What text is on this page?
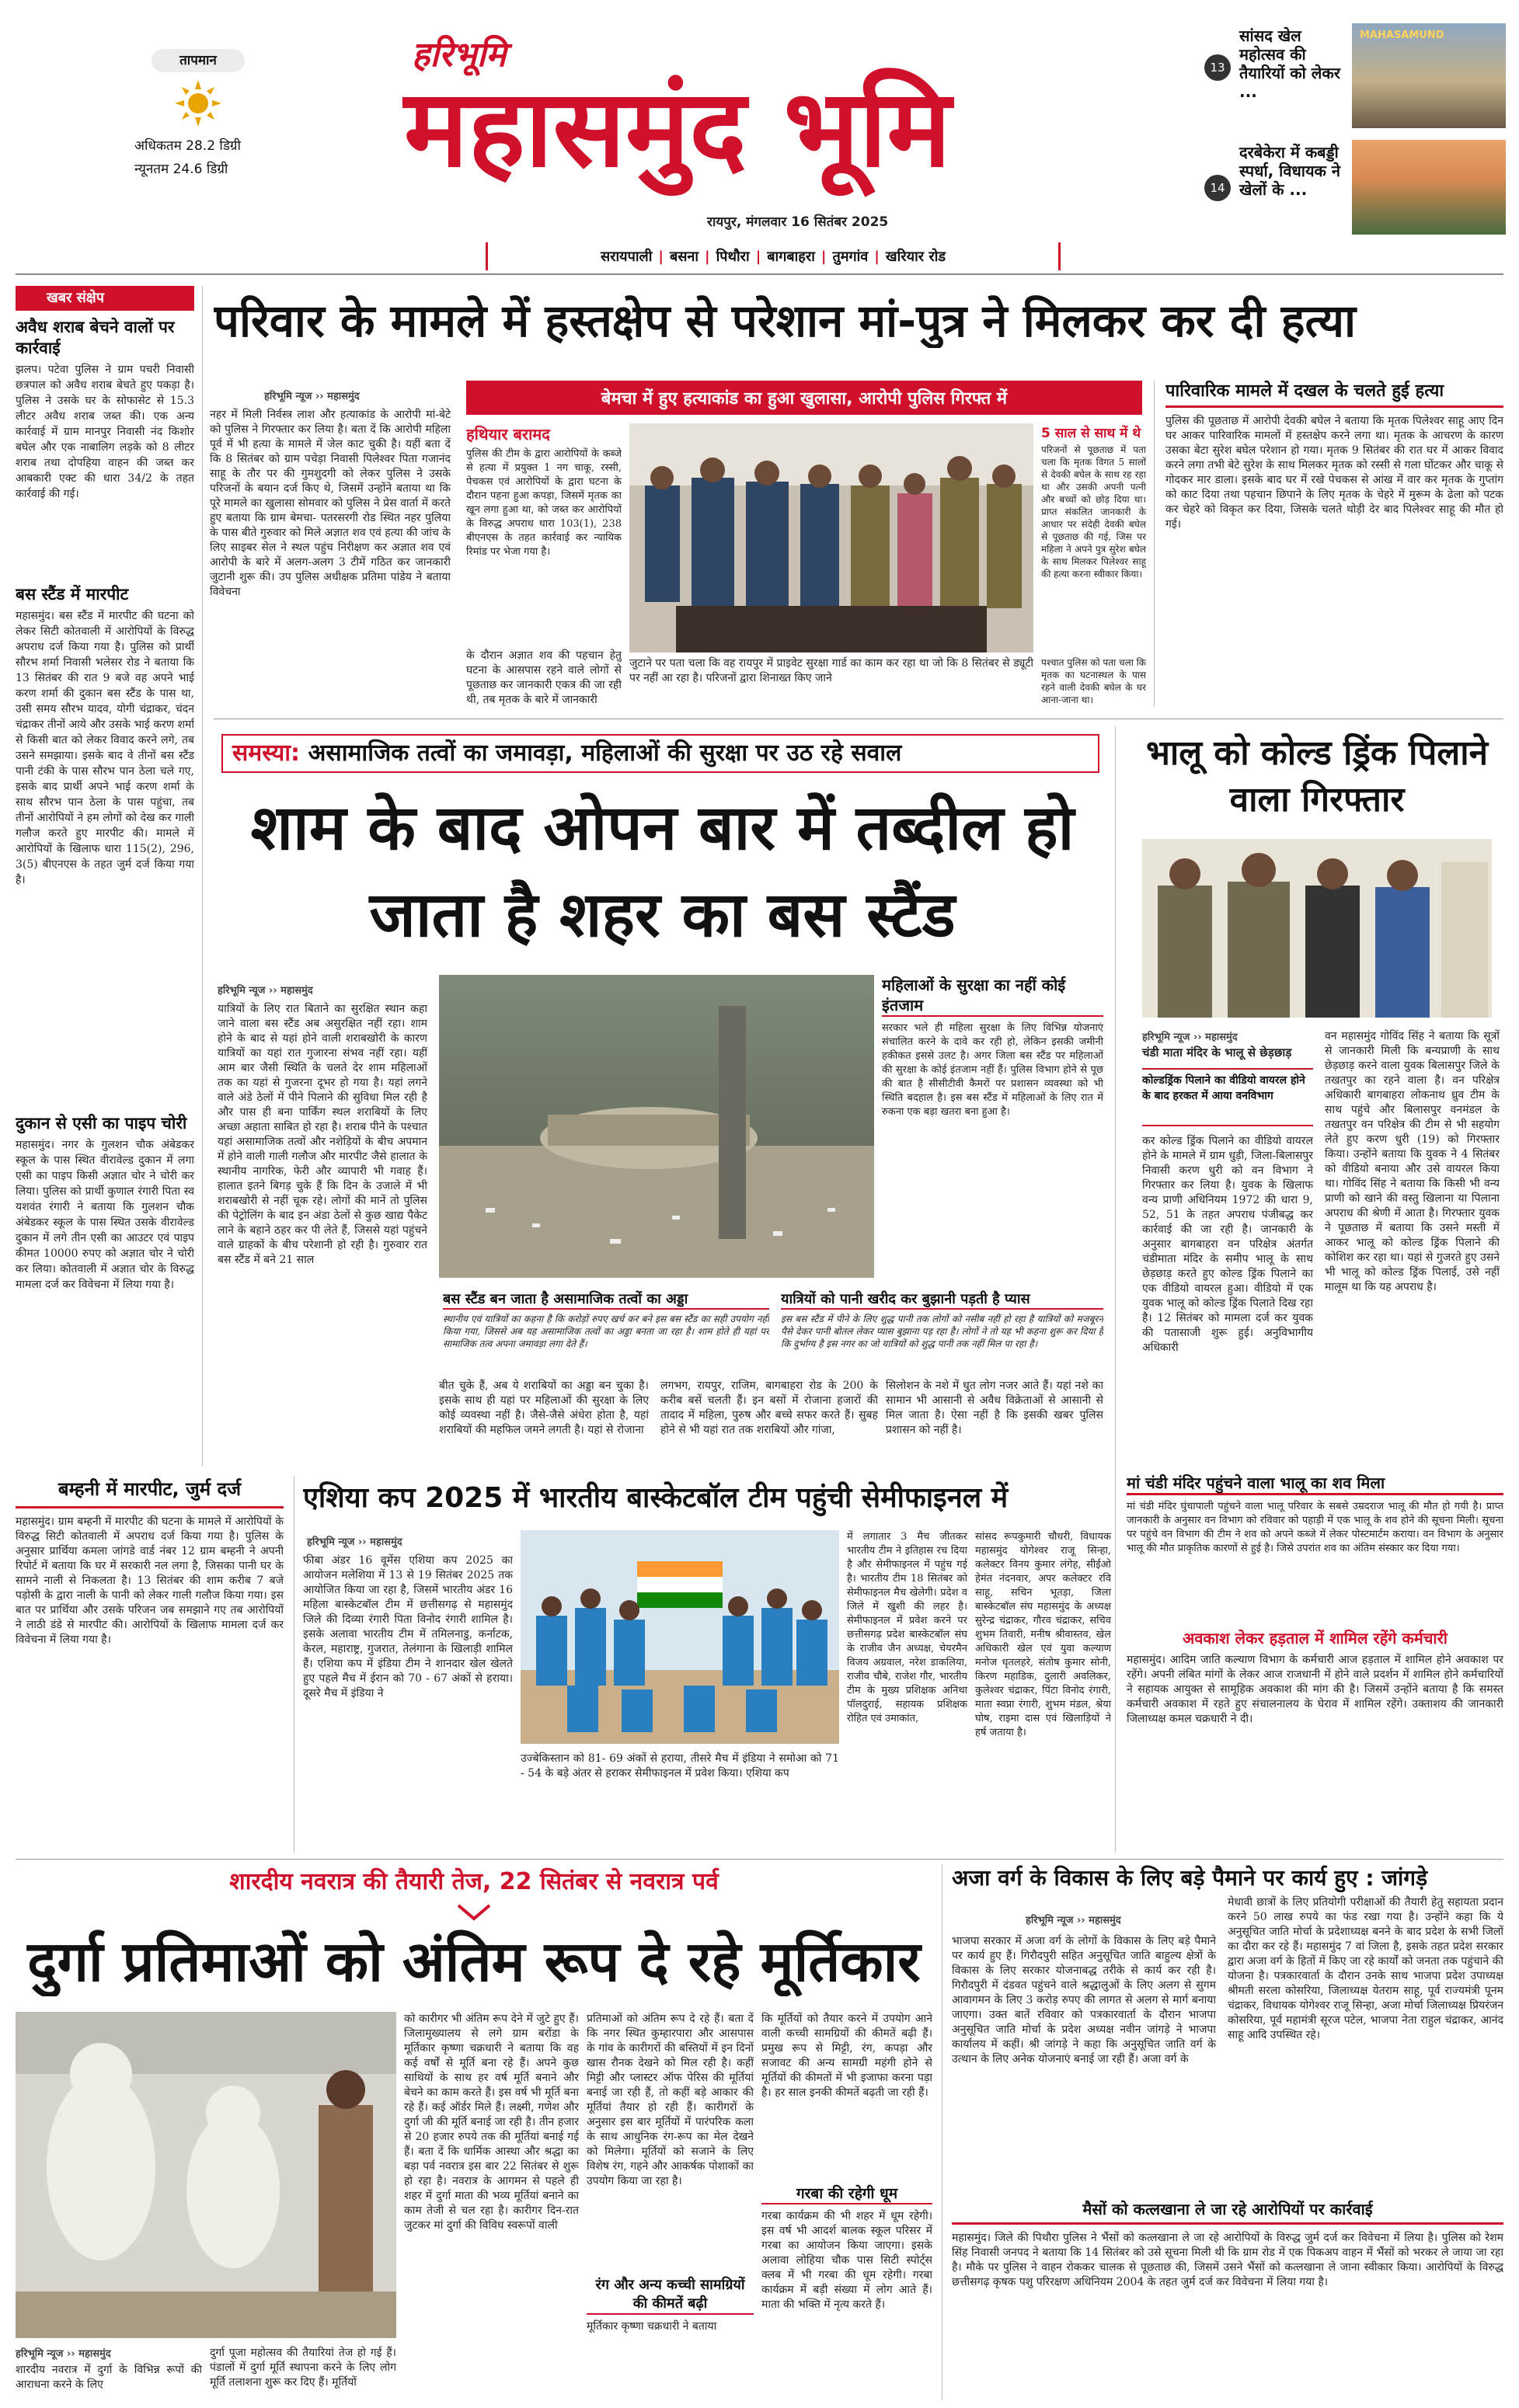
तापमान
अधिकतम 28.2 डिग्री
न्यूनतम 24.6 डिग्री
हरिभूमि
महासमुंद भूमि
रायपुर, मंगलवार 16 सितंबर 2025
सरायपाली | बसना | पिथौरा | बागबाहरा | तुमगांव | खरियार रोड
13
सांसद खेल महोत्सव की तैयारियों को लेकर ...
MAHASAMUND
14
दरबेकेरा में कबड्डी स्पर्धा, विधायक ने खेलों के ...
खबर संक्षेप
अवैध शराब बेचने वालों पर कार्रवाई
झलप। पटेवा पुलिस ने ग्राम पचरी निवासी छत्रपाल को अवैध शराब बेचते हुए पकड़ा है। पुलिस ने उसके घर के सोफासेट से 15.3 लीटर अवैध शराब जब्त की। एक अन्य कार्रवाई में ग्राम मानपुर निवासी नंद किशोर बघेल और एक नाबालिग लड़के को 8 लीटर शराब तथा दोपहिया वाहन की जब्त कर आबकारी एक्ट की धारा 34/2 के तहत कार्रवाई की गई।
बस स्टैंड में मारपीट
महासमुंद। बस स्टैंड में मारपीट की घटना को लेकर सिटी कोतवाली में आरोपियों के विरुद्ध अपराध दर्ज किया गया है। पुलिस को प्रार्थी सौरभ शर्मा निवासी भलेसर रोड ने बताया कि 13 सितंबर की रात 9 बजे वह अपने भाई करण शर्मा की दुकान बस स्टैंड के पास था, उसी समय सौरभ यादव, योगी चंद्राकर, चंदन चंद्राकर तीनों आये और उसके भाई करण शर्मा से किसी बात को लेकर विवाद करने लगे, तब उसने समझाया। इसके बाद वे तीनों बस स्टैंड पानी टंकी के पास सौरभ पान ठेला चले गए, इसके बाद प्रार्थी अपने भाई करण शर्मा के साथ सौरभ पान ठेला के पास पहुंचा, तब तीनों आरोपियों ने हम लोगों को देख कर गाली गलौज करते हुए मारपीट की। मामले में आरोपियों के खिलाफ धारा 115(2), 296, 3(5) बीएनएस के तहत जुर्म दर्ज किया गया है।
दुकान से एसी का पाइप चोरी
महासमुंद। नगर के गुलशन चौक अंबेडकर स्कूल के पास स्थित वीरावेल्ड दुकान में लगा एसी का पाइप किसी अज्ञात चोर ने चोरी कर लिया। पुलिस को प्रार्थी कुणाल रंगारी पिता स्व यशवंत रंगारी ने बताया कि गुलशन चौक अंबेडकर स्कूल के पास स्थित उसके वीरावेल्ड दुकान में लगे तीन एसी का आउटर एवं पाइप कीमत 10000 रुपए को अज्ञात चोर ने चोरी कर लिया। कोतवाली में अज्ञात चोर के विरुद्ध मामला दर्ज कर विवेचना में लिया गया है।
परिवार के मामले में हस्तक्षेप से परेशान मां-पुत्र ने मिलकर कर दी हत्या
हरिभूमि न्यूज ›› महासमुंद
नहर में मिली निर्वस्त्र लाश और हत्याकांड के आरोपी मां-बेटे को पुलिस ने गिरफ्तार कर लिया है। बता दें कि आरोपी महिला पूर्व में भी हत्या के मामले में जेल काट चुकी है। यहीं बता दें कि 8 सितंबर को ग्राम पचेड़ा निवासी पिलेश्वर पिता गजानंद साहू के तौर पर की गुमशुदगी को लेकर पुलिस ने उसके परिजनों के बयान दर्ज किए थे, जिसमें उन्होंने बताया था कि पूरे मामले का खुलासा सोमवार को पुलिस ने प्रेस वार्ता में करते हुए बताया कि ग्राम बेमचा- पतरसरगी रोड स्थित नहर पुलिया के पास बीते गुरुवार को मिले अज्ञात शव एवं हत्या की जांच के लिए साइबर सेल ने स्थल पहुंच निरीक्षण कर अज्ञात शव एवं आरोपी के बारे में अलग-अलग 3 टीमें गठित कर जानकारी जुटानी शुरू की। उप पुलिस अधीक्षक प्रतिमा पांडेय ने बताया विवेचना
बेमचा में हुए हत्याकांड का हुआ खुलासा, आरोपी पुलिस गिरफ्त में
हथियार बरामद
पुलिस की टीम के द्वारा आरोपियों के कब्जे से हत्या में प्रयुक्त 1 नग चाकू, रस्सी, पेचकस एवं आरोपियों के द्वारा घटना के दौरान पहना हुआ कपड़ा, जिसमें मृतक का खून लगा हुआ था, को जब्त कर आरोपियों के विरुद्ध अपराध धारा 103(1), 238 बीएनएस के तहत कार्रवाई कर न्यायिक रिमांड पर भेजा गया है।
5 साल से साथ में थे
परिजनों से पूछताछ में पता चला कि मृतक विगत 5 सालों से देवकी बघेल के साथ रह रहा था और उसकी अपनी पत्नी और बच्चों को छोड़ दिया था। प्राप्त संकलित जानकारी के आधार पर संदेही देवकी बघेल से पूछताछ की गई, जिस पर महिला ने अपने पुत्र सुरेश बघेल के साथ मिलकर पिलेश्वर साहू की हत्या करना स्वीकार किया।
के दौरान अज्ञात शव की पहचान हेतु घटना के आसपास रहने वाले लोगों से पूछताछ कर जानकारी एकत्र की जा रही थी, तब मृतक के बारे में जानकारी
जुटाने पर पता चला कि वह रायपुर में प्राइवेट सुरक्षा गार्ड का काम कर रहा था जो कि 8 सितंबर से ड्यूटी पर नहीं आ रहा है। परिजनों द्वारा शिनाख्त किए जाने
पश्चात पुलिस को पता चला कि मृतक का घटनास्थल के पास रहने वाली देवकी बघेल के घर आना-जाना था।
पारिवारिक मामले में दखल के चलते हुई हत्या
पुलिस की पूछताछ में आरोपी देवकी बघेल ने बताया कि मृतक पिलेश्वर साहू आए दिन घर आकर पारिवारिक मामलों में हस्तक्षेप करने लगा था। मृतक के आचरण के कारण उसका बेटा सुरेश बघेल परेशान हो गया। मृतक 9 सितंबर की रात घर में आकर विवाद करने लगा तभी बेटे सुरेश के साथ मिलकर मृतक को रस्सी से गला घोंटकर और चाकू से गोदकर मार डाला। इसके बाद घर में रखे पेचकस से आंख में वार कर मृतक के गुप्तांग को काट दिया तथा पहचान छिपाने के लिए मृतक के चेहरे में मुरूम के ढेला को पटक कर चेहरे को विकृत कर दिया, जिसके चलते थोड़ी देर बाद पिलेश्वर साहू की मौत हो गई।
समस्या: असामाजिक तत्वों का जमावड़ा, महिलाओं की सुरक्षा पर उठ रहे सवाल
शाम के बाद ओपन बार में तब्दील हो जाता है शहर का बस स्टैंड
हरिभूमि न्यूज ›› महासमुंद
यात्रियों के लिए रात बिताने का सुरक्षित स्थान कहा जाने वाला बस स्टैंड अब असुरक्षित नहीं रहा। शाम होने के बाद से यहां होने वाली शराबखोरी के कारण यात्रियों का यहां रात गुजारना संभव नहीं रहा। यहीं आम बार जैसी स्थिति के चलते देर शाम महिलाओं तक का यहां से गुजरना दूभर हो गया है। यहां लगने वाले अंडे ठेलों में पीने पिलाने की सुविधा मिल रही है और पास ही बना पार्किंग स्थल शराबियों के लिए अच्छा अहाता साबित हो रहा है। शराब पीने के पश्चात यहां असामाजिक तत्वों और नशेड़ियों के बीच अपमान में होने वाली गाली गलौज और मारपीट जैसे हालात के स्थानीय नागरिक, फेरी और व्यापारी भी गवाह हैं। हालात इतने बिगड़ चुके हैं कि दिन के उजाले में भी शराबखोरी से नहीं चूक रहे। लोगों की मानें तो पुलिस की पेट्रोलिंग के बाद इन अंडा ठेलों से कुछ खाद्य पैकेट लाने के बहाने ठहर कर पी लेते हैं, जिससे यहां पहुंचने वाले ग्राहकों के बीच परेशानी हो रही है। गुरुवार रात बस स्टैंड में बने 21 साल
महिलाओं के सुरक्षा का नहीं कोई इंतजाम
सरकार भले ही महिला सुरक्षा के लिए विभिन्न योजनाएं संचालित करने के दावे कर रही हो, लेकिन इसकी जमीनी हकीकत इससे उलट है। अगर जिला बस स्टैंड पर महिलाओं की सुरक्षा के कोई इंतजाम नहीं हैं। पुलिस विभाग होने से पूछ की बात है सीसीटीवी कैमरों पर प्रशासन व्यवस्था को भी स्थिति बदहाल है। इस बस स्टैंड में महिलाओं के लिए रात में रुकना एक बड़ा खतरा बना हुआ है।
बस स्टैंड बन जाता है असामाजिक तत्वों का अड्डा
स्थानीय एवं यात्रियों का कहना है कि करोड़ों रुपए खर्च कर बने इस बस स्टैंड का सही उपयोग नहीं किया गया, जिससे अब यह असामाजिक तत्वों का अड्डा बनता जा रहा है। शाम होते ही यहां पर सामाजिक तत्व अपना जमावड़ा लगा देते हैं।
यात्रियों को पानी खरीद कर बुझानी पड़ती है प्यास
इस बस स्टैंड में पीने के लिए शुद्ध पानी तक लोगों को नसीब नहीं हो रहा है यात्रियों को मजबूरन पैसे देकर पानी बोतल लेकर प्यास बुझाना पड़ रहा है। लोगों ने तो यह भी कहना शुरू कर दिया है कि दुर्भाग्य है इस नगर का जो यात्रियों को शुद्ध पानी तक नहीं मिल पा रहा है।
बीत चुके हैं, अब ये शराबियों का अड्डा बन चुका है। इसके साथ ही यहां पर महिलाओं की सुरक्षा के लिए कोई व्यवस्था नहीं है। जैसे-जैसे अंधेरा होता है, यहां शराबियों की महफिल जमने लगती है। यहां से रोजाना
लगभग, रायपुर, राजिम, बागबाहरा रोड के 200 के करीब बसें चलती हैं। इन बसों में रोजाना हजारों की तादाद में महिला, पुरुष और बच्चे सफर करते हैं। सुबह होने से भी यहां रात तक शराबियों और गांजा,
सिलोशन के नशे में धुत लोग नजर आते हैं। यहां नशे का सामान भी आसानी से अवैध विक्रेताओं से आसानी से मिल जाता है। ऐसा नहीं है कि इसकी खबर पुलिस प्रशासन को नहीं है।
भालू को कोल्ड ड्रिंक पिलाने वाला गिरफ्तार
हरिभूमि न्यूज ›› महासमुंद
चंडी माता मंदिर के भालू से छेड़छाड़
कोल्डड्रिंक पिलाने का वीडियो वायरल होने के बाद हरकत में आया वनविभाग
कर कोल्ड ड्रिंक पिलाने का वीडियो वायरल होने के मामले में ग्राम धुड़ी, जिला-बिलासपुर निवासी करण धुरी को वन विभाग ने गिरफ्तार कर लिया है। युवक के खिलाफ वन्य प्राणी अधिनियम 1972 की धारा 9, 52, 51 के तहत अपराध पंजीबद्ध कर कार्रवाई की जा रही है। जानकारी के अनुसार बागबाहरा वन परिक्षेत्र अंतर्गत चंडीमाता मंदिर के समीप भालू के साथ छेड़छाड़ करते हुए कोल्ड ड्रिंक पिलाने का एक वीडियो वायरल हुआ। वीडियो में एक युवक भालू को कोल्ड ड्रिंक पिलाते दिख रहा है। 12 सितंबर को मामला दर्ज कर युवक की पतासाजी शुरू हुई। अनुविभागीय अधिकारी
वन महासमुंद गोविंद सिंह ने बताया कि सूत्रों से जानकारी मिली कि बन्यप्राणी के साथ छेड़छाड़ करने वाला युवक बिलासपुर जिले के तखतपुर का रहने वाला है। वन परिक्षेत्र अधिकारी बागबाहरा लोकनाथ ध्रुव टीम के साथ पहुंचे और बिलासपुर वनमंडल के तखतपुर वन परिक्षेत्र की टीम से भी सहयोग लेते हुए करण धुरी (19) को गिरफ्तार किया। उन्होंने बताया कि युवक ने 4 सितंबर को वीडियो बनाया और उसे वायरल किया था। गोविंद सिंह ने बताया कि किसी भी वन्य प्राणी को खाने की वस्तु खिलाना या पिलाना अपराध की श्रेणी में आता है। गिरफ्तार युवक ने पूछताछ में बताया कि उसने मस्ती में आकर भालू को कोल्ड ड्रिंक पिलाने की कोशिश कर रहा था। यहां से गुजरते हुए उसने भी भालू को कोल्ड ड्रिंक पिलाई, उसे नहीं मालूम था कि यह अपराध है।
मां चंडी मंदिर पहुंचने वाला भालू का शव मिला
मां चंडी मंदिर घुंचापाली पहुंचने वाला भालू परिवार के सबसे उम्रदराज भालू की मौत हो गयी है। प्राप्त जानकारी के अनुसार वन विभाग को रविवार को पहाड़ी में एक भालू के शव होने की सूचना मिली। सूचना पर पहुंचे वन विभाग की टीम ने शव को अपने कब्जे में लेकर पोस्टमार्टम कराया। वन विभाग के अनुसार भालू की मौत प्राकृतिक कारणों से हुई है। जिसे उपरांत शव का अंतिम संस्कार कर दिया गया।
अवकाश लेकर हड़ताल में शामिल रहेंगे कर्मचारी
महासमुंद। आदिम जाति कल्याण विभाग के कर्मचारी आज हड़ताल में शामिल होने अवकाश पर रहेंगे। अपनी लंबित मांगों के लेकर आज राजधानी में होने वाले प्रदर्शन में शामिल होने कर्मचारियों ने सहायक आयुक्त से सामूहिक अवकाश की मांग की है। जिसमें उन्होंने बताया है कि समस्त कर्मचारी अवकाश में रहते हुए संचालनालय के घेराव में शामिल रहेंगे। उक्ताशय की जानकारी जिलाध्यक्ष कमल चक्रधारी ने दी।
बम्हनी में मारपीट, जुर्म दर्ज
महासमुंद। ग्राम बम्हनी में मारपीट की घटना के मामले में आरोपियों के विरुद्ध सिटी कोतवाली में अपराध दर्ज किया गया है। पुलिस के अनुसार प्रार्थिया कमला जांगडे वार्ड नंबर 12 ग्राम बम्हनी ने अपनी रिपोर्ट में बताया कि घर में सरकारी नल लगा है, जिसका पानी घर के सामने नाली से निकलता है। 13 सितंबर की शाम करीब 7 बजे पड़ोसी के द्वारा नाली के पानी को लेकर गाली गलौज किया गया। इस बात पर प्रार्थिया और उसके परिजन जब समझाने गए तब आरोपियों ने लाठी डंडे से मारपीट की। आरोपियों के खिलाफ मामला दर्ज कर विवेचना में लिया गया है।
एशिया कप 2025 में भारतीय बास्केटबॉल टीम पहुंची सेमीफाइनल में
हरिभूमि न्यूज ›› महासमुंद
फीबा अंडर 16 वूमेंस एशिया कप 2025 का आयोजन मलेशिया में 13 से 19 सितंबर 2025 तक आयोजित किया जा रहा है, जिसमें भारतीय अंडर 16 महिला बास्केटबॉल टीम में छत्तीसगढ़ से महासमुंद जिले की दिव्या रंगारी पिता विनोद रंगारी शामिल है। इसके अलावा भारतीय टीम में तमिलनाडु, कर्नाटक, केरल, महाराष्ट्र, गुजरात, तेलंगाना के खिलाड़ी शामिल हैं। एशिया कप में इंडिया टीम ने शानदार खेल खेलते हुए पहले मैच में ईरान को 70 - 67 अंकों से हराया। दूसरे मैच में इंडिया ने
उज्बेकिस्तान को 81- 69 अंकों से हराया, तीसरे मैच में इंडिया ने समोआ को 71 - 54 के बड़े अंतर से हराकर सेमीफाइनल में प्रवेश किया। एशिया कप
में लगातार 3 मैच जीतकर भारतीय टीम ने इतिहास रच दिया है और सेमीफाइनल में पहुंच गई है। भारतीय टीम 18 सितंबर को सेमीफाइनल मैच खेलेगी। प्रदेश व जिले में खुशी की लहर है। सेमीफाइनल में प्रवेश करने पर छत्तीसगढ़ प्रदेश बास्केटबॉल संघ के राजीव जैन अध्यक्ष, चेयरमैन विजय अग्रवाल, नरेश डाकलिया, राजीव चौबे, राजेश गौर, भारतीय टीम के मुख्य प्रशिक्षक अनिथा पॉलदुराई, सहायक प्रशिक्षक रोहित एवं उमाकांत,
सांसद रूपकुमारी चौधरी, विधायक महासमुंद योगेश्वर राजू सिन्हा, कलेक्टर विनय कुमार लंगेह, सीईओ हेमंत नंदनवार, अपर कलेक्टर रवि साहू, सचिन भूतड़ा, जिला बास्केटबॉल संघ महासमुंद के अध्यक्ष सुरेन्द्र चंद्राकर, गौरव चंद्राकर, सचिव शुभम तिवारी, मनीष श्रीवास्तव, खेल अधिकारी खेल एवं युवा कल्याण मनोज धृतलहरे, संतोष कुमार सोनी, किरण महाडिक, दुलारी अवलिकर, कुलेश्वर चंद्राकर, पिंटा विनोद रंगारी, माता स्वप्ना रंगारी, शुभम मंडल, श्रेया घोष, राइमा दास एवं खिलाड़ियों ने हर्ष जताया है।
शारदीय नवरात्र की तैयारी तेज, 22 सितंबर से नवरात्र पर्व
दुर्गा प्रतिमाओं को अंतिम रूप दे रहे मूर्तिकार
हरिभूमि न्यूज ›› महासमुंद
शारदीय नवरात्र में दुर्गा के विभिन्न रूपों की आराधना करने के लिए
दुर्गा पूजा महोत्सव की तैयारियां तेज हो गई हैं। पंडालों में दुर्गा मूर्ति स्थापना करने के लिए लोग मूर्ति तलाशना शुरू कर दिए हैं। मूर्तियों
को कारीगर भी अंतिम रूप देने में जुटे हुए हैं। जिलामुख्यालय से लगे ग्राम बरोंडा के मूर्तिकार कृष्णा चक्रधारी ने बताया कि वह कई वर्षों से मूर्ति बना रहे हैं। अपने कुछ साथियों के साथ हर वर्ष मूर्ति बनाने और बेचने का काम करते हैं। इस वर्ष भी मूर्ति बना रहे हैं। कई ऑर्डर मिले हैं। लक्ष्मी, गणेश और दुर्गा जी की मूर्ति बनाई जा रही है। तीन हजार से 20 हजार रुपये तक की मूर्तियां बनाई गई हैं। बता दें कि धार्मिक आस्था और श्रद्धा का बड़ा पर्व नवरात्र इस बार 22 सितंबर से शुरू हो रहा है। नवरात्र के आगमन से पहले ही शहर में दुर्गा माता की भव्य मूर्तियां बनाने का काम तेजी से चल रहा है। कारीगर दिन-रात जुटकर मां दुर्गा की विविध स्वरूपों वाली
प्रतिमाओं को अंतिम रूप दे रहे हैं। बता दें कि नगर स्थित कुम्हारपारा और आसपास के गांव के कारीगरों की बस्तियों में इन दिनों खास रौनक देखने को मिल रही है। कहीं मिट्टी और प्लास्टर ऑफ पेरिस की मूर्तियां बनाई जा रही हैं, तो कहीं बड़े आकार की मूर्तियां तैयार हो रही हैं। कारीगरों के अनुसार इस बार मूर्तियों में पारंपरिक कला के साथ आधुनिक रंग-रूप का मेल देखने को मिलेगा। मूर्तियों को सजाने के लिए विशेष रंग, गहने और आकर्षक पोशाकों का उपयोग किया जा रहा है।
रंग और अन्य कच्ची सामग्रियों की कीमतें बढ़ी
मूर्तिकार कृष्णा चक्रधारी ने बताया
कि मूर्तियों को तैयार करने में उपयोग आने वाली कच्ची सामग्रियों की कीमतें बढ़ी हैं। प्रमुख रूप से मिट्टी, रंग, कपड़ा और सजावट की अन्य सामग्री महंगी होने से मूर्तियों की कीमतों में भी इजाफा करना पड़ा है। हर साल इनकी कीमतें बढ़ती जा रही हैं।
गरबा की रहेगी धूम
गरबा कार्यक्रम की भी शहर में धूम रहेगी। इस वर्ष भी आदर्श बालक स्कूल परिसर में गरबा का आयोजन किया जाएगा। इसके अलावा लोहिया चौक पास सिटी स्पोर्ट्स क्लब में भी गरबा की धूम रहेगी। गरबा कार्यक्रम में बड़ी संख्या में लोग आते हैं। माता की भक्ति में नृत्य करते हैं।
अजा वर्ग के विकास के लिए बड़े पैमाने पर कार्य हुए : जांगड़े
हरिभूमि न्यूज ›› महासमुंद
भाजपा सरकार में अजा वर्ग के लोगों के विकास के लिए बड़े पैमाने पर कार्य हुए हैं। गिरौदपुरी सहित अनुसूचित जाति बाहुल्य क्षेत्रों के विकास के लिए सरकार योजनाबद्ध तरीके से कार्य कर रही है। गिरौदपुरी में दंडवत पहुंचने वाले श्रद्धालुओं के लिए अलग से सुगम आवागमन के लिए 3 करोड़ रुपए की लागत से अलग से मार्ग बनाया जाएगा। उक्त बातें रविवार को पत्रकारवार्ता के दौरान भाजपा अनुसूचित जाति मोर्चा के प्रदेश अध्यक्ष नवीन जांगड़े ने भाजपा कार्यालय में कहीं। श्री जांगड़े ने कहा कि अनुसूचित जाति वर्ग के उत्थान के लिए अनेक योजनाएं बनाई जा रही हैं। अजा वर्ग के
मेधावी छात्रों के लिए प्रतियोगी परीक्षाओं की तैयारी हेतु सहायता प्रदान करने 50 लाख रुपये का फंड रखा गया है। उन्होंने कहा कि ये अनुसूचित जाति मोर्चा के प्रदेशाध्यक्ष बनने के बाद प्रदेश के सभी जिलों का दौरा कर रहे हैं। महासमुंद 7 वां जिला है, इसके तहत प्रदेश सरकार द्वारा अजा वर्ग के हितों में किए जा रहे कार्यों को जनता तक पहुंचाने की योजना है। पत्रकारवार्ता के दौरान उनके साथ भाजपा प्रदेश उपाध्यक्ष श्रीमती सरला कोसरिया, जिलाध्यक्ष येतराम साहू, पूर्व राज्यमंत्री पूनम चंद्राकर, विधायक योगेश्वर राजू सिन्हा, अजा मोर्चा जिलाध्यक्ष प्रियरंजन कोसरिया, पूर्व महामंत्री सूरज पटेल, भाजपा नेता राहुल चंद्राकर, आनंद साहू आदि उपस्थित रहे।
मैसों को कत्लखाना ले जा रहे आरोपियों पर कार्रवाई
महासमुंद। जिले की पिथौरा पुलिस ने भैंसों को कत्लखाना ले जा रहे आरोपियों के विरुद्ध जुर्म दर्ज कर विवेचना में लिया है। पुलिस को रेशम सिंह निवासी जनपद ने बताया कि 14 सितंबर को उसे सूचना मिली थी कि ग्राम रोड में एक पिकअप वाहन में भैंसों को भरकर ले जाया जा रहा है। मौके पर पुलिस ने वाहन रोककर चालक से पूछताछ की, जिसमें उसने भैंसों को कत्लखाना ले जाना स्वीकार किया। आरोपियों के विरुद्ध छत्तीसगढ़ कृषक पशु परिरक्षण अधिनियम 2004 के तहत जुर्म दर्ज कर विवेचना में लिया गया है।
